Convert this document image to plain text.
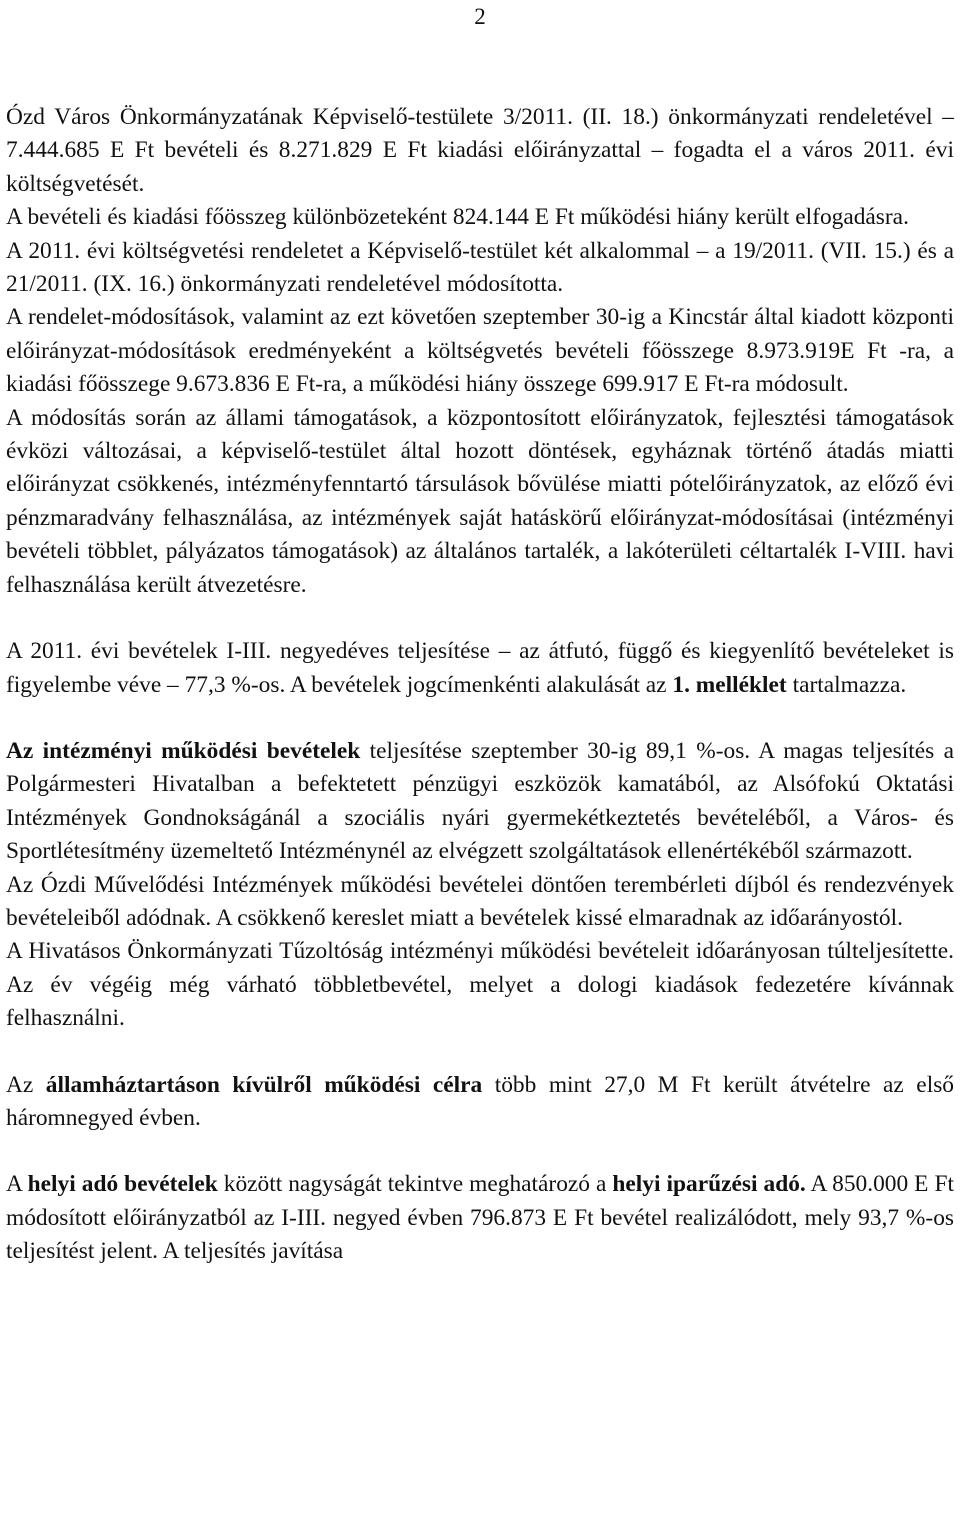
2

Ózd Város Önkormányzatának Képviselő-testülete 3/2011. (II. 18.) önkormányzati rendeletével – 7.444.685 E Ft bevételi és 8.271.829 E Ft kiadási előirányzattal – fogadta el a város 2011. évi költségvetését.

A bevételi és kiadási főösszeg különbözeteként 824.144 E Ft működési hiány került elfogadásra.

A 2011. évi költségvetési rendeletet a Képviselő-testület két alkalommal – a 19/2011. (VII. 15.) és a 21/2011. (IX. 16.) önkormányzati rendeletével módosította.

A rendelet-módosítások, valamint az ezt követően szeptember 30-ig a Kincstár által kiadott központi előirányzat-módosítások eredményeként a költségvetés bevételi főösszege 8.973.919E Ft -ra, a kiadási főösszege 9.673.836 E Ft-ra, a működési hiány összege 699.917 E Ft-ra módosult.

A módosítás során az állami támogatások, a központosított előirányzatok, fejlesztési támogatások évközi változásai, a képviselő-testület által hozott döntések, egyháznak történő átadás miatti előirányzat csökkenés, intézményfenntartó társulások bővülése miatti pótelőirányzatok, az előző évi pénzmaradvány felhasználása, az intézmények saját hatáskörű előirányzat-módosításai (intézményi bevételi többlet, pályázatos támogatások) az általános tartalék, a lakóterületi céltartalék I-VIII. havi felhasználása került átvezetésre.

A 2011. évi bevételek I-III. negyedéves teljesítése – az átfutó, függő és kiegyenlítő bevételeket is figyelembe véve – 77,3 %-os. A bevételek jogcímenkénti alakulását az 1. melléklet tartalmazza.

Az intézményi működési bevételek teljesítése szeptember 30-ig 89,1 %-os. A magas teljesítés a Polgármesteri Hivatalban a befektetett pénzügyi eszközök kamatából, az Alsófokú Oktatási Intézmények Gondnokságánál a szociális nyári gyermekétkeztetés bevételéből, a Város- és Sportlétesítmény üzemeltető Intézménynél az elvégzett szolgáltatások ellenértékéből származott.

Az Ózdi Művelődési Intézmények működési bevételei döntően terembérleti díjból és rendezvények bevételeiből adódnak. A csökkenő kereslet miatt a bevételek kissé elmaradnak az időarányostól.

A Hivatásos Önkormányzati Tűzoltóság intézményi működési bevételeit időarányosan túlteljesítette. Az év végéig még várható többletbevétel, melyet a dologi kiadások fedezetére kívánnak felhasználni.

Az államháztartáson kívülről működési célra több mint 27,0 M Ft került átvételre az első háromnegyed évben.

A helyi adó bevételek között nagyságát tekintve meghatározó a helyi iparűzési adó. A 850.000 E Ft módosított előirányzatból az I-III. negyed évben 796.873 E Ft bevétel realizálódott, mely 93,7 %-os teljesítést jelent. A teljesítés javítása
